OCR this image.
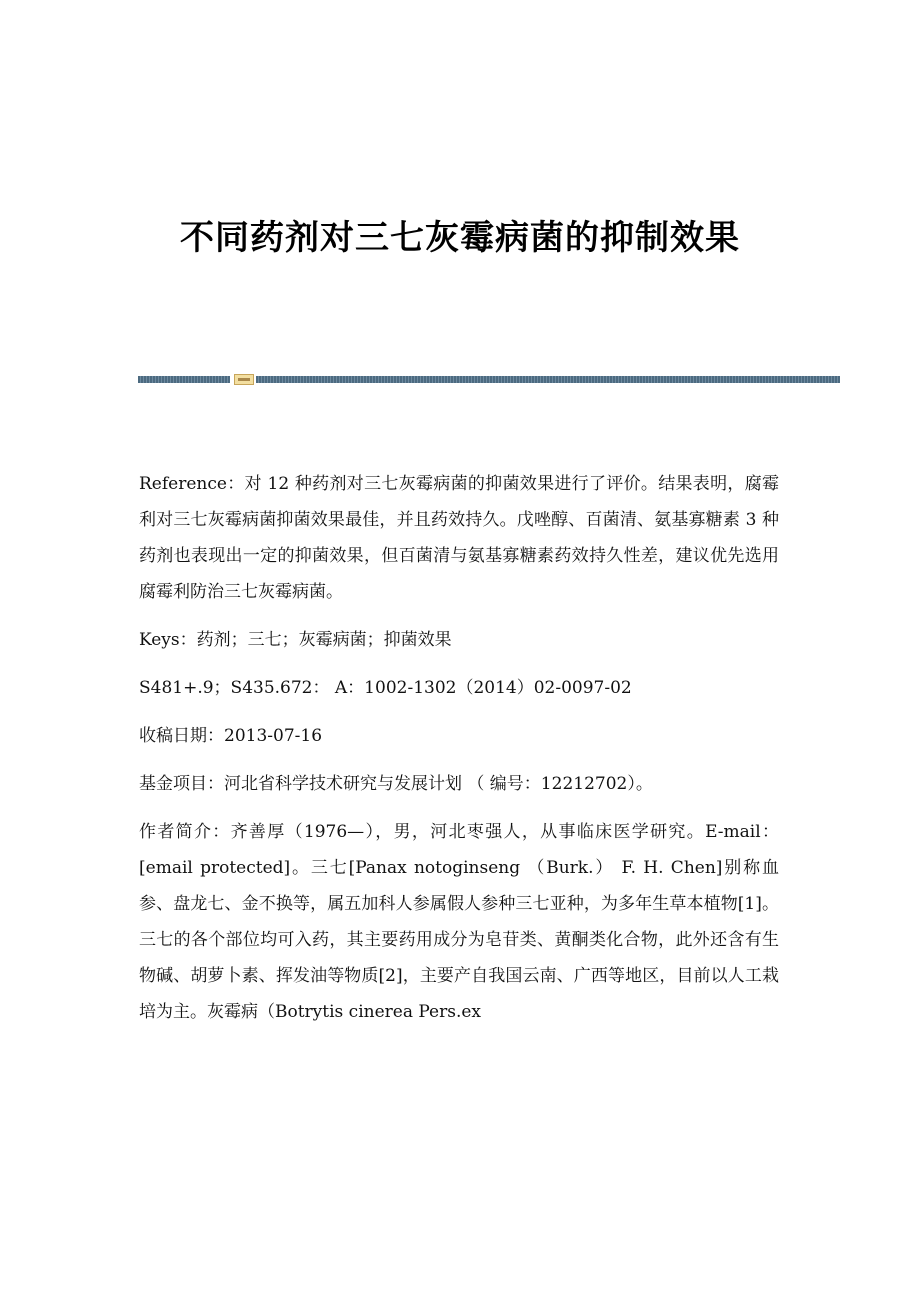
不同药剂对三七灰霉病菌的抑制效果

Reference：对 12 种药剂对三七灰霉病菌的抑菌效果进行了评价。结果表明，腐霉利对三七灰霉病菌抑菌效果最佳，并且药效持久。戊唑醇、百菌清、氨基寡糖素 3 种药剂也表现出一定的抑菌效果，但百菌清与氨基寡糖素药效持久性差，建议优先选用腐霉利防治三七灰霉病菌。

Keys：药剂；三七；灰霉病菌；抑菌效果

S481+.9；S435.672： A：1002-1302（2014）02-0097-02

收稿日期：2013-07-16

基金项目：河北省科学技术研究与发展计划 （ 编号：12212702）。

作者简介：齐善厚（1976—），男，河北枣强人，从事临床医学研究。E-mail：[email protected]。三七[Panax notoginseng （Burk.） F. H. Chen]别称血参、盘龙七、金不换等，属五加科人参属假人参种三七亚种，为多年生草本植物[1]。三七的各个部位均可入药，其主要药用成分为皂苷类、黄酮类化合物，此外还含有生物碱、胡萝卜素、挥发油等物质[2]，主要产自我国云南、广西等地区，目前以人工栽培为主。灰霉病（Botrytis cinerea Pers.ex
